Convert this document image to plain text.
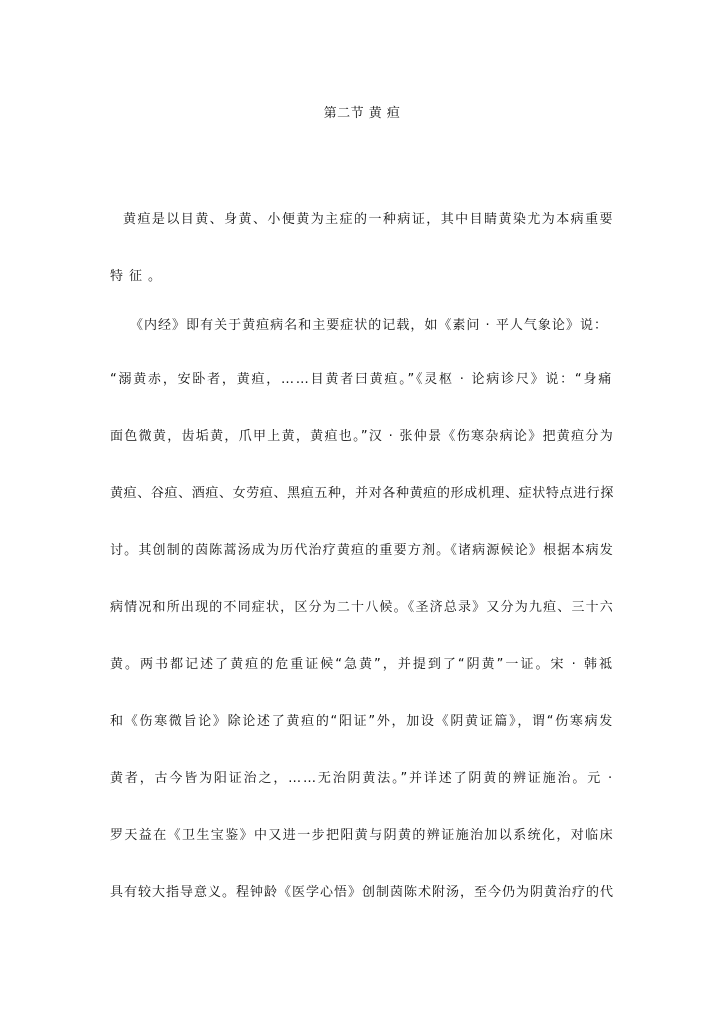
第二节 黄 疸
黄疸是以目黄、身黄、小便黄为主症的一种病证，其中目睛黄染尤为本病重要
特征。
《内经》即有关于黄疸病名和主要症状的记载，如《素问 · 平人气象论》说：
“溺黄赤，安卧者，黄疸，……目黄者曰黄疸。”《灵枢 · 论病诊尺》说：“身痛
面色微黄，齿垢黄，爪甲上黄，黄疸也。”汉 · 张仲景《伤寒杂病论》把黄疸分为
黄疸、谷疸、酒疸、女劳疸、黑疸五种，并对各种黄疸的形成机理、症状特点进行探
讨。其创制的茵陈蒿汤成为历代治疗黄疸的重要方剂。《诸病源候论》根据本病发
病情况和所出现的不同症状，区分为二十八候。《圣济总录》又分为九疸、三十六
黄。两书都记述了黄疸的危重证候“急黄”，并提到了“阴黄”一证。宋 · 韩祗
和《伤寒微旨论》除论述了黄疸的“阳证”外，加设《阴黄证篇》，谓“伤寒病发
黄者，古今皆为阳证治之，……无治阴黄法。”并详述了阴黄的辨证施治。元 ·
罗天益在《卫生宝鉴》中又进一步把阳黄与阴黄的辨证施治加以系统化，对临床
具有较大指导意义。程钟龄《医学心悟》创制茵陈术附汤，至今仍为阴黄治疗的代
